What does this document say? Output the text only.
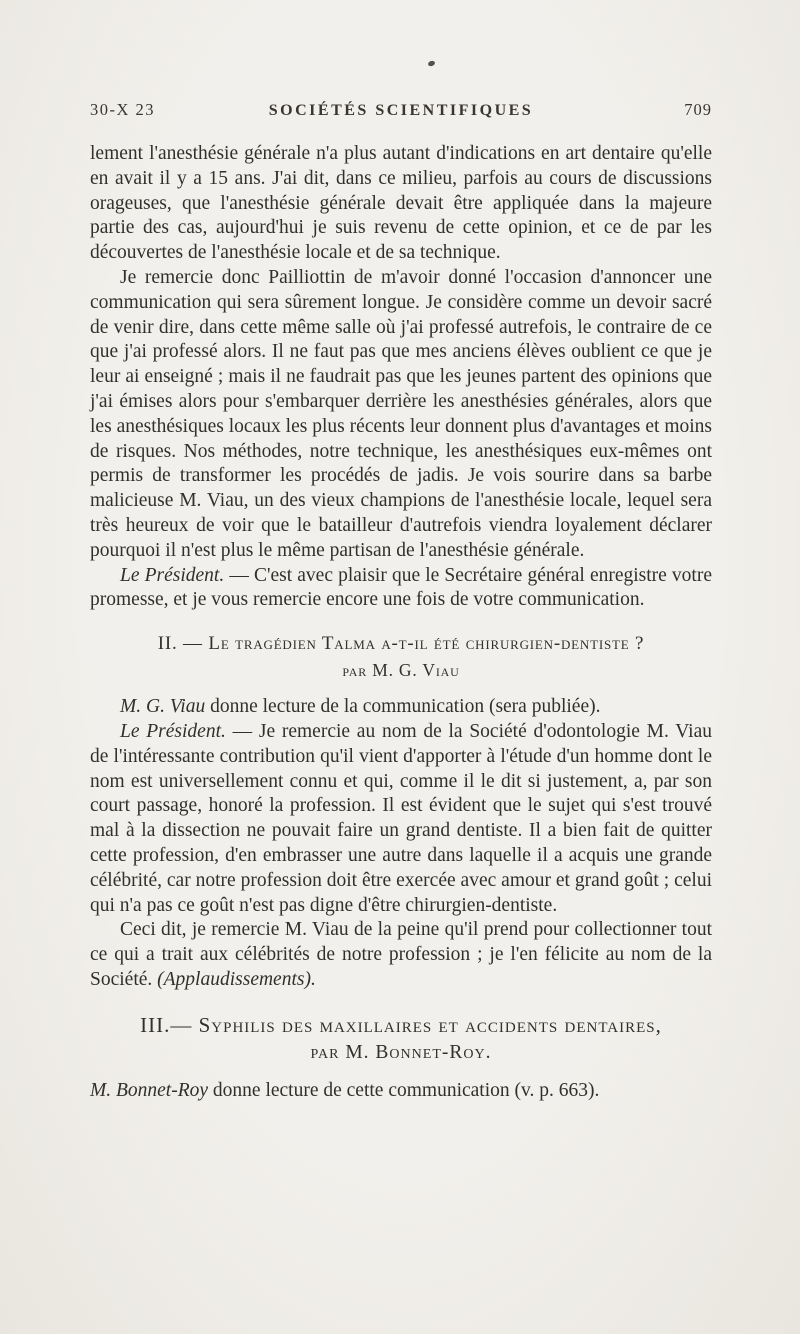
30-X 23	SOCIÉTÉS SCIENTIFIQUES	709

lement l'anesthésie générale n'a plus autant d'indications en art dentaire qu'elle en avait il y a 15 ans. J'ai dit, dans ce milieu, parfois au cours de discussions orageuses, que l'anesthésie générale devait être appliquée dans la majeure partie des cas, aujourd'hui je suis revenu de cette opinion, et ce de par les découvertes de l'anesthésie locale et de sa technique.

Je remercie donc Pailliottin de m'avoir donné l'occasion d'annoncer une communication qui sera sûrement longue. Je considère comme un devoir sacré de venir dire, dans cette même salle où j'ai professé autrefois, le contraire de ce que j'ai professé alors. Il ne faut pas que mes anciens élèves oublient ce que je leur ai enseigné ; mais il ne faudrait pas que les jeunes partent des opinions que j'ai émises alors pour s'embarquer derrière les anesthésies générales, alors que les anesthésiques locaux les plus récents leur donnent plus d'avantages et moins de risques. Nos méthodes, notre technique, les anesthésiques eux-mêmes ont permis de transformer les procédés de jadis. Je vois sourire dans sa barbe malicieuse M. Viau, un des vieux champions de l'anesthésie locale, lequel sera très heureux de voir que le batailleur d'autrefois viendra loyalement déclarer pourquoi il n'est plus le même partisan de l'anesthésie générale.

Le Président. — C'est avec plaisir que le Secrétaire général enregistre votre promesse, et je vous remercie encore une fois de votre communication.

II. — Le tragédien Talma a-t-il été chirurgien-dentiste ?
par M. G. Viau

M. G. Viau donne lecture de la communication (sera publiée).

Le Président. — Je remercie au nom de la Société d'odontologie M. Viau de l'intéressante contribution qu'il vient d'apporter à l'étude d'un homme dont le nom est universellement connu et qui, comme il le dit si justement, a, par son court passage, honoré la profession. Il est évident que le sujet qui s'est trouvé mal à la dissection ne pouvait faire un grand dentiste. Il a bien fait de quitter cette profession, d'en embrasser une autre dans laquelle il a acquis une grande célébrité, car notre profession doit être exercée avec amour et grand goût ; celui qui n'a pas ce goût n'est pas digne d'être chirurgien-dentiste.

Ceci dit, je remercie M. Viau de la peine qu'il prend pour collectionner tout ce qui a trait aux célébrités de notre profession ; je l'en félicite au nom de la Société. (Applaudissements).

III.— Syphilis des maxillaires et accidents dentaires,
par M. Bonnet-Roy.

M. Bonnet-Roy donne lecture de cette communication (v. p. 663).
